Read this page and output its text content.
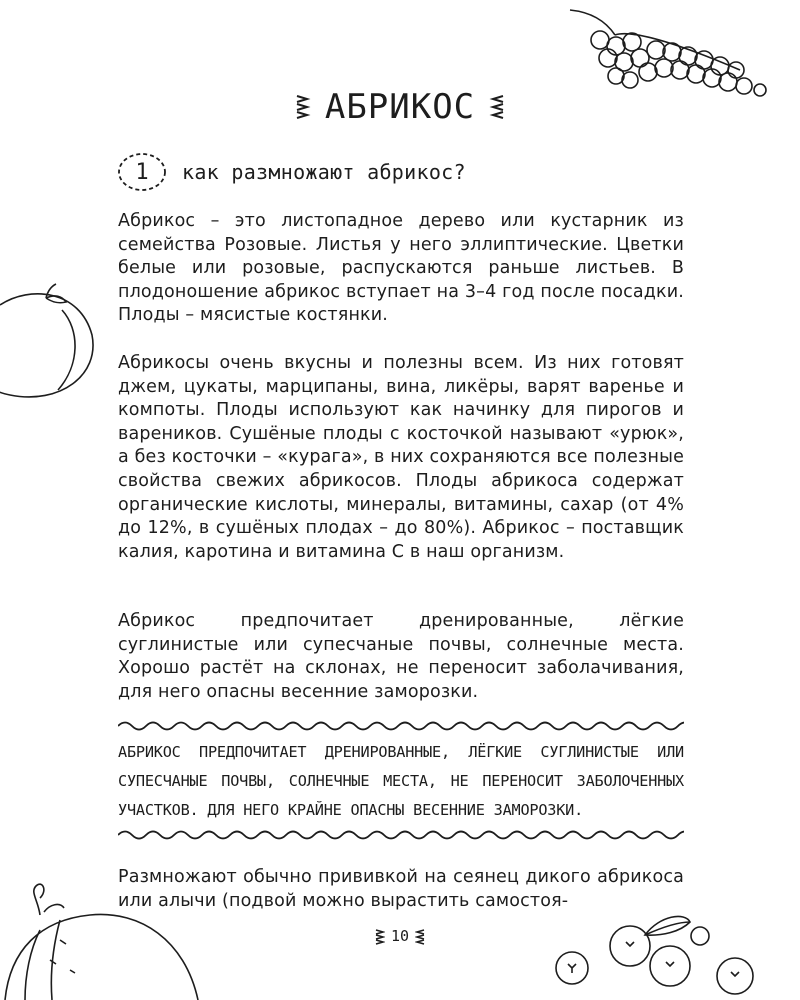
АБРИКОС
1	как размножают абрикос?

Абрикос – это листопадное дерево или кустарник из семейства Розовые. Листья у него эллиптические. Цветки белые или розовые, распускаются раньше листьев. В плодоношение абрикос вступает на 3–4 год после посадки. Плоды – мясистые костянки.

Абрикосы очень вкусны и полезны всем. Из них готовят джем, цукаты, марципаны, вина, ликёры, варят варенье и компоты. Плоды используют как начинку для пирогов и вареников. Сушёные плоды с косточкой называют «урюк», а без косточки – «курага», в них сохраняются все полезные свойства свежих абрикосов. Плоды абрикоса содержат органические кислоты, минералы, витамины, сахар (от 4% до 12%, в сушёных плодах – до 80%). Абрикос – поставщик калия, каротина и витамина С в наш организм.

Абрикос предпочитает дренированные, лёгкие суглинистые или супесчаные почвы, солнечные места. Хорошо растёт на склонах, не переносит заболачивания, для него опасны весенние заморозки.

АБРИКОС ПРЕДПОЧИТАЕТ ДРЕНИРОВАННЫЕ, ЛЁГКИЕ СУГЛИНИСТЫЕ ИЛИ СУПЕСЧАНЫЕ ПОЧВЫ, СОЛНЕЧНЫЕ МЕСТА, НЕ ПЕРЕНОСИТ ЗАБОЛОЧЕННЫХ УЧАСТКОВ. ДЛЯ НЕГО КРАЙНЕ ОПАСНЫ ВЕСЕННИЕ ЗАМОРОЗКИ.

Размножают обычно прививкой на сеянец дикого абрикоса или алычи (подвой можно вырастить самостоя-

10
